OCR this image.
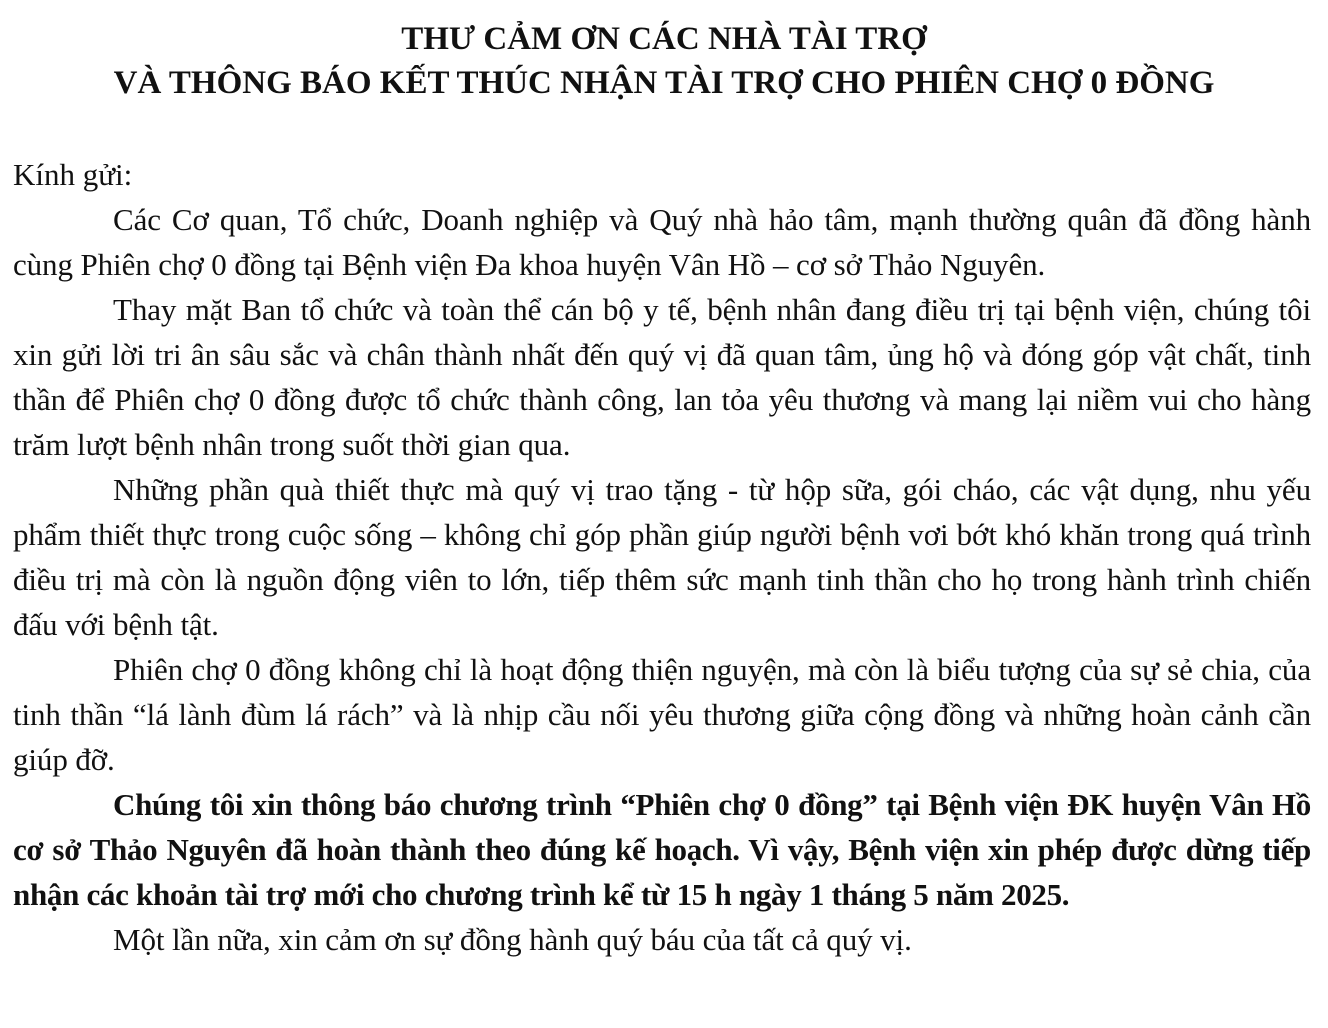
THƯ CẢM ƠN CÁC NHÀ TÀI TRỢ
VÀ THÔNG BÁO KẾT THÚC NHẬN TÀI TRỢ CHO PHIÊN CHỢ 0 ĐỒNG

Kính gửi:

Các Cơ quan, Tổ chức, Doanh nghiệp và Quý nhà hảo tâm, mạnh thường quân đã đồng hành cùng Phiên chợ 0 đồng tại Bệnh viện Đa khoa huyện Vân Hồ – cơ sở Thảo Nguyên.

Thay mặt Ban tổ chức và toàn thể cán bộ y tế, bệnh nhân đang điều trị tại bệnh viện, chúng tôi xin gửi lời tri ân sâu sắc và chân thành nhất đến quý vị đã quan tâm, ủng hộ và đóng góp vật chất, tinh thần để Phiên chợ 0 đồng được tổ chức thành công, lan tỏa yêu thương và mang lại niềm vui cho hàng trăm lượt bệnh nhân trong suốt thời gian qua.

Những phần quà thiết thực mà quý vị trao tặng - từ hộp sữa, gói cháo, các vật dụng, nhu yếu phẩm thiết thực trong cuộc sống – không chỉ góp phần giúp người bệnh vơi bớt khó khăn trong quá trình điều trị mà còn là nguồn động viên to lớn, tiếp thêm sức mạnh tinh thần cho họ trong hành trình chiến đấu với bệnh tật.

Phiên chợ 0 đồng không chỉ là hoạt động thiện nguyện, mà còn là biểu tượng của sự sẻ chia, của tinh thần “lá lành đùm lá rách” và là nhịp cầu nối yêu thương giữa cộng đồng và những hoàn cảnh cần giúp đỡ.

Chúng tôi xin thông báo chương trình “Phiên chợ 0 đồng” tại Bệnh viện ĐK huyện Vân Hồ cơ sở Thảo Nguyên đã hoàn thành theo đúng kế hoạch. Vì vậy, Bệnh viện xin phép được dừng tiếp nhận các khoản tài trợ mới cho chương trình kể từ 15 h ngày 1 tháng 5 năm 2025.

Một lần nữa, xin cảm ơn sự đồng hành quý báu của tất cả quý vị.
